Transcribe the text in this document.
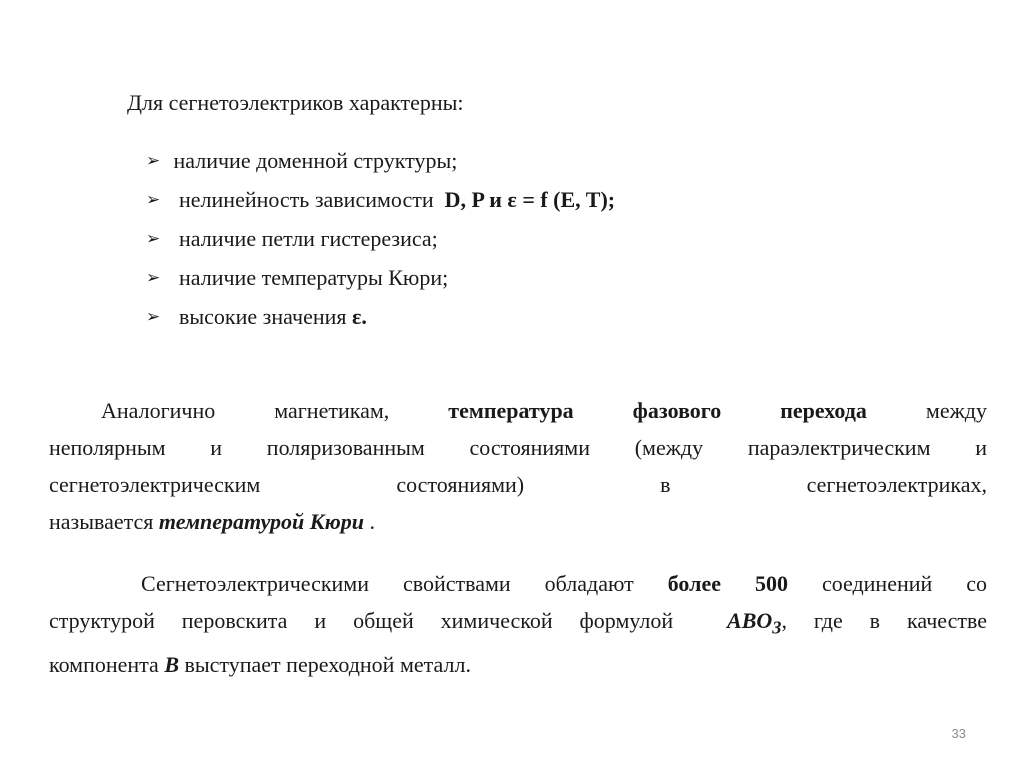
Для сегнетоэлектриков характерны:
➢ наличие доменной структуры;
➢  нелинейность зависимости  D, P и ε = f (E, T);
➢  наличие петли гистерезиса;
➢  наличие температуры Кюри;
➢  высокие значения ε.
Аналогично магнетикам, температура фазового перехода между
неполярным и поляризованным состояниями (между параэлектрическим и
сегнетоэлектрическим состояниями) в сегнетоэлектриках,
называется температурой Кюри .
Сегнетоэлектрическими свойствами обладают более 500 соединений со
структурой перовскита и общей химической формулой  $ABO_3$, где в качестве
компонента B выступает переходной металл.
33
